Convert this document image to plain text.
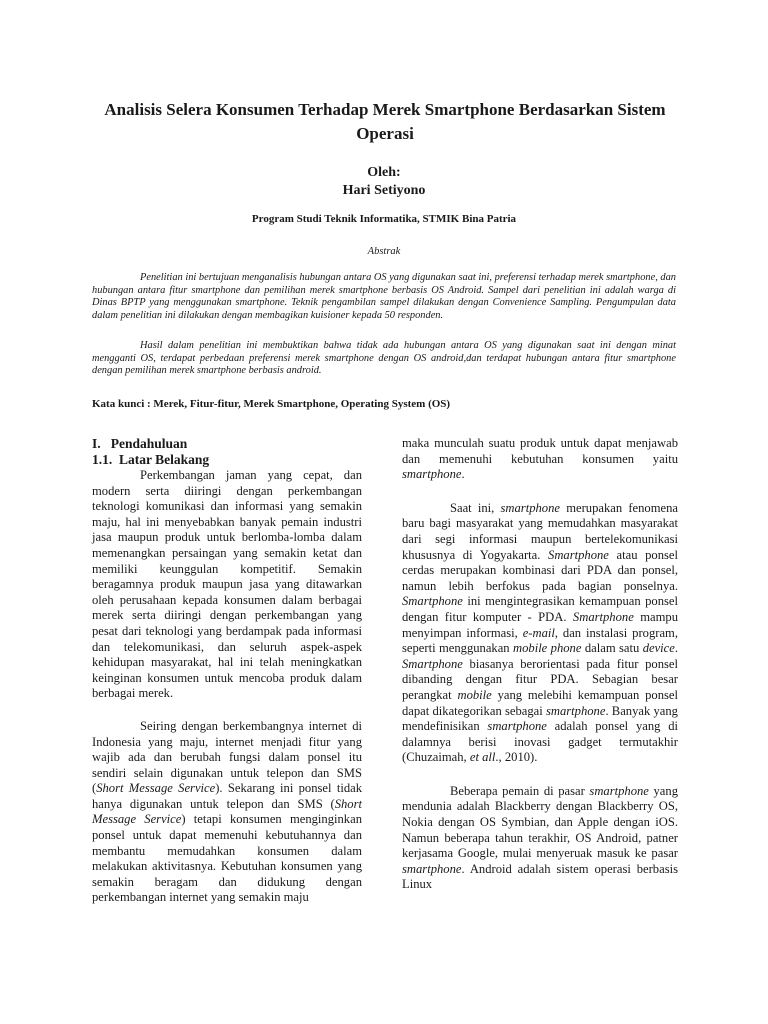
Analisis Selera Konsumen Terhadap Merek Smartphone Berdasarkan Sistem Operasi
Oleh:
Hari Setiyono
Program Studi Teknik Informatika, STMIK Bina Patria
Abstrak

Penelitian ini bertujuan menganalisis hubungan antara OS yang digunakan saat ini, preferensi terhadap merek smartphone, dan hubungan antara fitur smartphone dan pemilihan merek smartphone berbasis OS Android. Sampel dari penelitian ini adalah warga di Dinas BPTP yang menggunakan smartphone. Teknik pengambilan sampel dilakukan dengan Convenience Sampling. Pengumpulan data dalam penelitian ini dilakukan dengan membagikan kuisioner kepada 50 responden.

Hasil dalam penelitian ini membuktikan bahwa tidak ada hubungan antara OS yang digunakan saat ini dengan minat mengganti OS, terdapat perbedaan preferensi merek smartphone dengan OS android,dan terdapat hubungan antara fitur smartphone dengan pemilihan merek smartphone berbasis android.

Kata kunci : Merek, Fitur-fitur, Merek Smartphone, Operating System (OS)
I.   Pendahuluan
1.1.  Latar Belakang

Perkembangan jaman yang cepat, dan modern serta diiringi dengan perkembangan teknologi komunikasi dan informasi yang semakin maju, hal ini menyebabkan banyak pemain industri jasa maupun produk untuk berlomba-lomba dalam memenangkan persaingan yang semakin ketat dan memiliki keunggulan kompetitif. Semakin beragamnya produk maupun jasa yang ditawarkan oleh perusahaan kepada konsumen dalam berbagai merek serta diiringi dengan perkembangan yang pesat dari teknologi yang berdampak pada informasi dan telekomunikasi, dan seluruh aspek-aspek kehidupan masyarakat, hal ini telah meningkatkan keinginan konsumen untuk mencoba produk dalam berbagai merek.

Seiring dengan berkembangnya internet di Indonesia yang maju, internet menjadi fitur yang wajib ada dan berubah fungsi dalam ponsel itu sendiri selain digunakan untuk telepon dan SMS (Short Message Service). Sekarang ini ponsel tidak hanya digunakan untuk telepon dan SMS (Short Message Service) tetapi konsumen menginginkan ponsel untuk dapat memenuhi kebutuhannya dan membantu memudahkan konsumen dalam melakukan aktivitasnya. Kebutuhan konsumen yang semakin beragam dan didukung dengan perkembangan internet yang semakin maju

maka munculah suatu produk untuk dapat menjawab dan memenuhi kebutuhan konsumen yaitu smartphone.

Saat ini, smartphone merupakan fenomena baru bagi masyarakat yang memudahkan masyarakat dari segi informasi maupun bertelekomunikasi khususnya di Yogyakarta. Smartphone atau ponsel cerdas merupakan kombinasi dari PDA dan ponsel, namun lebih berfokus pada bagian ponselnya. Smartphone ini mengintegrasikan kemampuan ponsel dengan fitur komputer - PDA. Smartphone mampu menyimpan informasi, e-mail, dan instalasi program, seperti menggunakan mobile phone dalam satu device. Smartphone biasanya berorientasi pada fitur ponsel dibanding dengan fitur PDA. Sebagian besar perangkat mobile yang melebihi kemampuan ponsel dapat dikategorikan sebagai smartphone. Banyak yang mendefinisikan smartphone adalah ponsel yang di dalamnya berisi inovasi gadget termutakhir (Chuzaimah, et all., 2010).

Beberapa pemain di pasar smartphone yang mendunia adalah Blackberry dengan Blackberry OS, Nokia dengan OS Symbian, dan Apple dengan iOS. Namun beberapa tahun terakhir, OS Android, patner kerjasama Google, mulai menyeruak masuk ke pasar smartphone. Android adalah sistem operasi berbasis Linux
